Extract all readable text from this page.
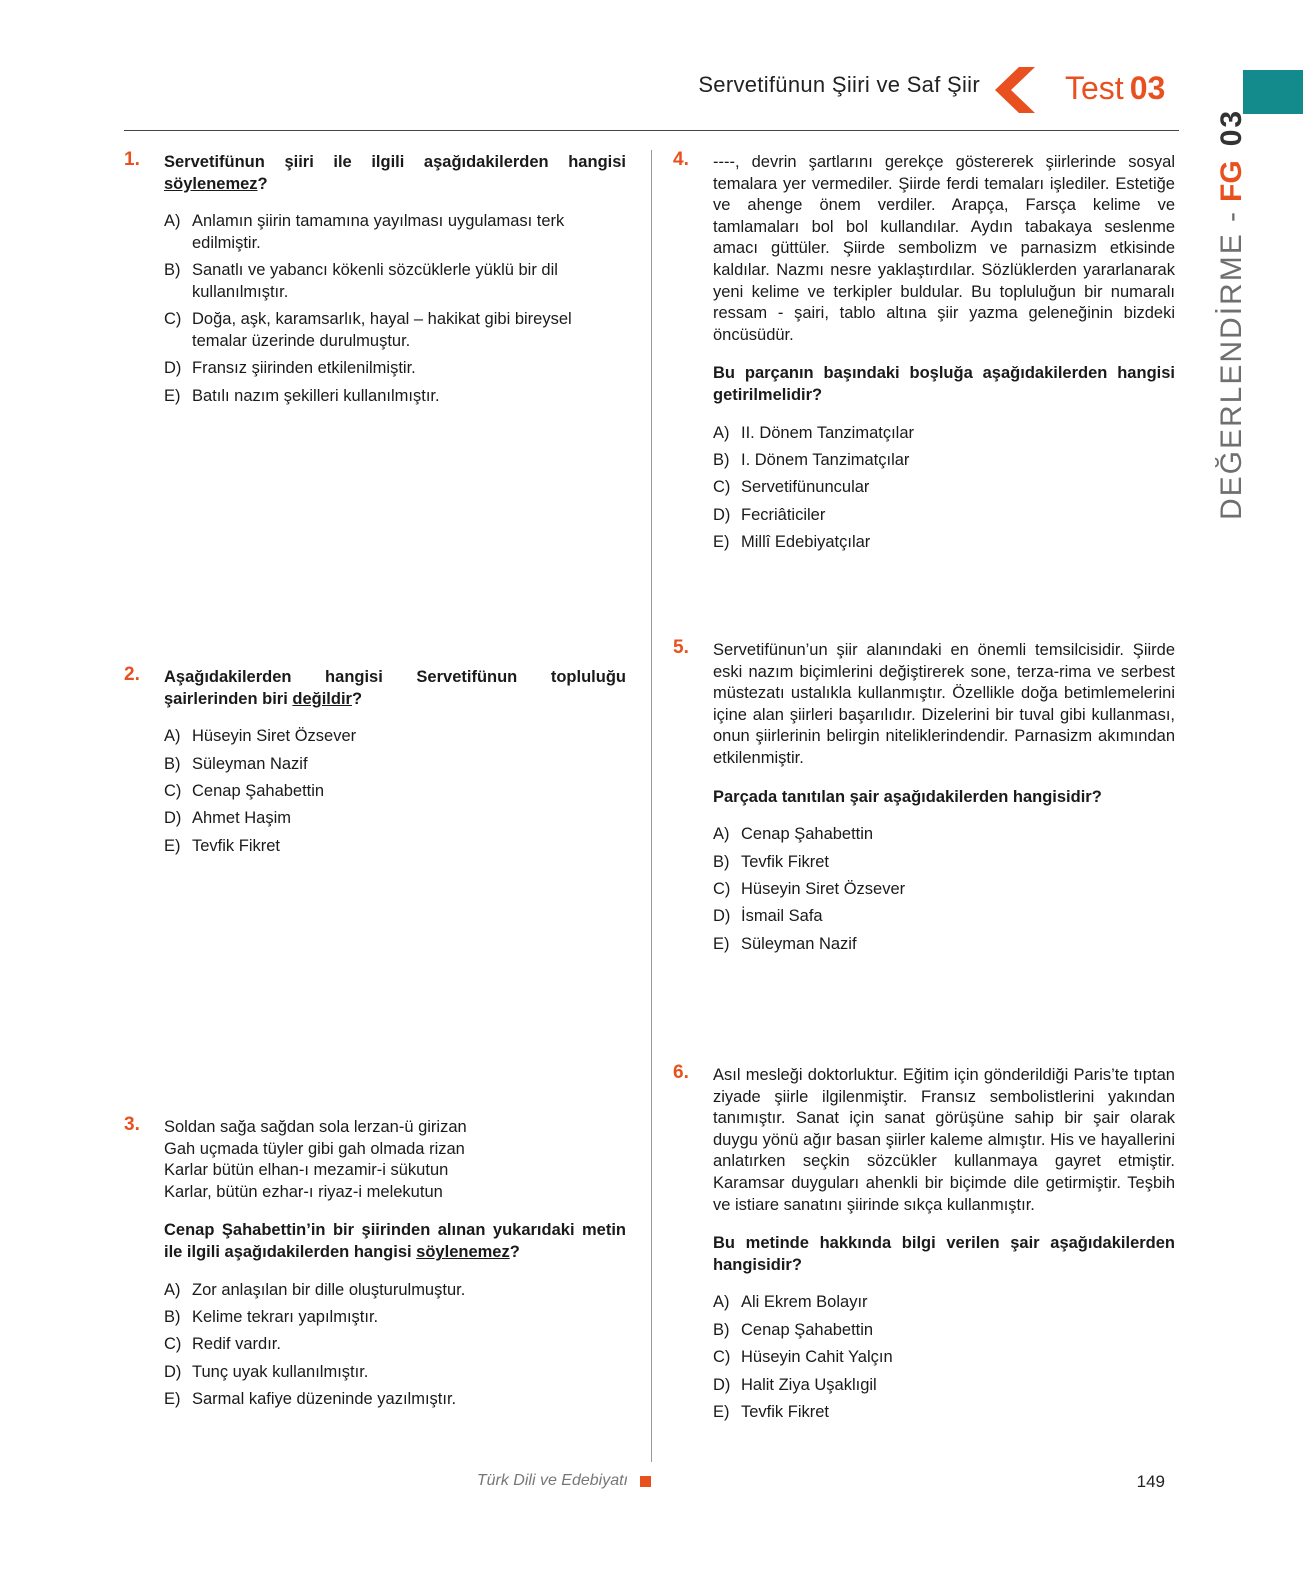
Servetifünun Şiiri ve Saf Şiir	Test 03
DEĞERLENDİRME -
FG
03
1. Servetifünun şiiri ile ilgili aşağıdakilerden hangisi söylenemez?

A) Anlamın şiirin tamamına yayılması uygulaması terk edilmiştir.
B) Sanatlı ve yabancı kökenli sözcüklerle yüklü bir dil kullanılmıştır.
C) Doğa, aşk, karamsarlık, hayal – hakikat gibi bireysel temalar üzerinde durulmuştur.
D) Fransız şiirinden etkilenilmiştir.
E) Batılı nazım şekilleri kullanılmıştır.
2. Aşağıdakilerden hangisi Servetifünun topluluğu şairlerinden biri değildir?

A) Hüseyin Siret Özsever
B) Süleyman Nazif
C) Cenap Şahabettin
D) Ahmet Haşim
E) Tevfik Fikret
3. Soldan sağa sağdan sola lerzan-ü girizan
Gah uçmada tüyler gibi gah olmada rizan
Karlar bütün elhan-ı mezamir-i sükutun
Karlar, bütün ezhar-ı riyaz-i melekutun

Cenap Şahabettin’in bir şiirinden alınan yukarıdaki metin ile ilgili aşağıdakilerden hangisi söylenemez?

A) Zor anlaşılan bir dille oluşturulmuştur.
B) Kelime tekrarı yapılmıştır.
C) Redif vardır.
D) Tunç uyak kullanılmıştır.
E) Sarmal kafiye düzeninde yazılmıştır.
4. ----, devrin şartlarını gerekçe göstererek şiirlerinde sosyal temalara yer vermediler. Şiirde ferdi temaları işlediler. Estetiğe ve ahenge önem verdiler. Arapça, Farsça kelime ve tamlamaları bol bol kullandılar. Aydın tabakaya seslenme amacı güttüler. Şiirde sembolizm ve parnasizm etkisinde kaldılar. Nazmı nesre yaklaştırdılar. Sözlüklerden yararlanarak yeni kelime ve terkipler buldular. Bu topluluğun bir numaralı ressam - şairi, tablo altına şiir yazma geleneğinin bizdeki öncüsüdür.

Bu parçanın başındaki boşluğa aşağıdakilerden hangisi getirilmelidir?

A) II. Dönem Tanzimatçılar
B) I. Dönem Tanzimatçılar
C) Servetifünuncular
D) Fecriâticiler
E) Millî Edebiyatçılar
5. Servetifünun’un şiir alanındaki en önemli temsilcisidir. Şiirde eski nazım biçimlerini değiştirerek sone, terza-rima ve serbest müstezatı ustalıkla kullanmıştır. Özellikle doğa betimlemelerini içine alan şiirleri başarılıdır. Dizelerini bir tuval gibi kullanması, onun şiirlerinin belirgin niteliklerindendir. Parnasizm akımından etkilenmiştir.

Parçada tanıtılan şair aşağıdakilerden hangisidir?

A) Cenap Şahabettin
B) Tevfik Fikret
C) Hüseyin Siret Özsever
D) İsmail Safa
E) Süleyman Nazif
6. Asıl mesleği doktorluktur. Eğitim için gönderildiği Paris’te tıptan ziyade şiirle ilgilenmiştir. Fransız sembolistlerini yakından tanımıştır. Sanat için sanat görüşüne sahip bir şair olarak duygu yönü ağır basan şiirler kaleme almıştır. His ve hayallerini anlatırken seçkin sözcükler kullanmaya gayret etmiştir. Karamsar duyguları ahenkli bir biçimde dile getirmiştir. Teşbih ve istiare sanatını şiirinde sıkça kullanmıştır.

Bu metinde hakkında bilgi verilen şair aşağıdakilerden hangisidir?

A) Ali Ekrem Bolayır
B) Cenap Şahabettin
C) Hüseyin Cahit Yalçın
D) Halit Ziya Uşaklıgil
E) Tevfik Fikret
Türk Dili ve Edebiyatı	149
